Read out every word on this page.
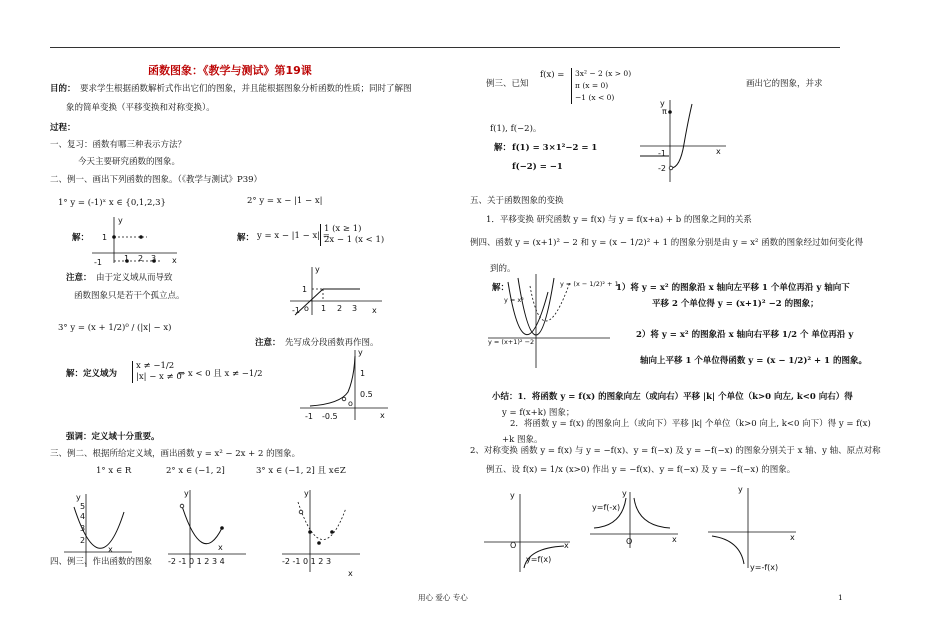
函数图象：《教学与测试》第19课
目的： 要求学生根据函数解析式作出它们的图象，并且能根据图象分析函数的性质；同时了解图
象的简单变换（平移变换和对称变换）。
过程：
一、复习：函数有哪三种表示方法？
今天主要研究函数的图象。
二、例一、画出下列函数的图象。（《教学与测试》P39）
1° y = (-1)ˣ x ∈ {0,1,2,3}	2° y = x − |1 − x|
解：
y
1
-1	1 2 3 x
解： y = x − |1 − x| =
1 (x ≥ 1)
2x − 1 (x < 1)
注意： 由于定义域从而导致
函数图象只是若干个孤立点。
y
1
-1 o 1 2 3 x
3° y = (x + 1/2)⁰ / (|x| − x)
注意： 先写成分段函数再作图。
解：定义域为
x ≠ −1/2
|x| − x ≠ 0
⇒ x < 0 且 x ≠ −1/2
y
1
0.5
o
-1 -0.5	x
强调：定义域十分重要。
三、例二、根据所给定义域，画出函数 y = x² − 2x + 2 的图象。
1° x ∈ R	2° x ∈ (−1, 2]	3° x ∈ (−1, 2] 且 x∈Z
y
5
4
3
2
x
y
x
-2 -1 0 1 2 3 4
y
-2 -1 0 1 2 3
x
四、例三、作出函数的图象
例三、已知
f(x) =	3x² − 2 (x > 0)
π (x = 0)
−1 (x < 0)
画出它的图象，并求
f(1), f(−2)。
解： f(1) = 3×1²−2 = 1
f(−2) = −1
y
π
-1
-2
x
五、关于函数图象的变换
1．平移变换 研究函数 y = f(x) 与 y = f(x+a) + b 的图象之间的关系
例四、函数 y = (x+1)² − 2 和 y = (x − 1/2)² + 1 的图象分别是由 y = x² 函数的图象经过如何变化得
到的。
解：	y = (x − 1/2)² + 1
y = (x+1)² −2
y = x²
1）将 y = x² 的图象沿 x 轴向左平移 1 个单位再沿 y 轴向下
平移 2 个单位得 y = (x+1)² −2 的图象；
2）将 y = x² 的图象沿 x 轴向右平移 1/2 个 单位再沿 y
轴向上平移 1 个单位得函数 y = (x − 1/2)² + 1 的图象。
小结：1．将函数 y = f(x) 的图象向左（或向右）平移 |k| 个单位（k>0 向左, k<0 向右）得
y = f(x+k) 图象；
2．将函数 y = f(x) 的图象向上（或向下）平移 |k| 个单位（k>0 向上, k<0 向下）得 y = f(x)
+k 图象。
2、对称变换 函数 y = f(x) 与 y = −f(x)、y = f(−x) 及 y = −f(−x) 的图象分别关于 x 轴、y 轴、原点对称
例五、设 f(x) = 1/x (x>0) 作出 y = −f(x)、y = f(−x) 及 y = −f(−x) 的图象。
y
O
y=f(x)
x
y
y=f(-x)
O	x
y
y=-f(x)
x
用心 爱心 专心	1
